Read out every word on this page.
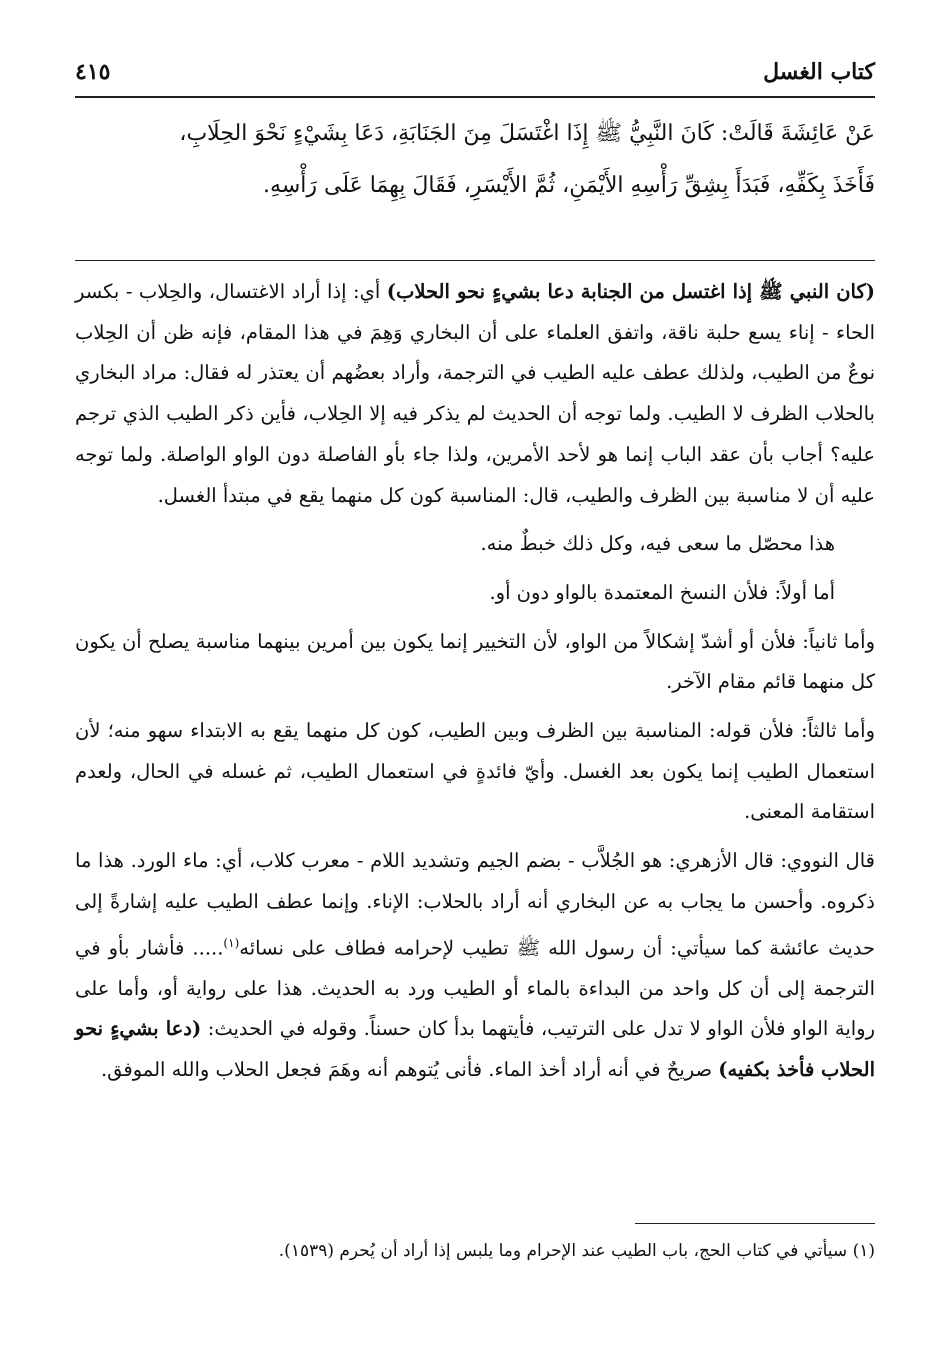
كتاب الغسل
٤١٥

عَنْ عَائِشَةَ قَالَتْ: كَانَ النَّبِيُّ ﷺ إِذَا اغْتَسَلَ مِنَ الجَنَابَةِ، دَعَا بِشَيْءٍ نَحْوَ الحِلَابِ،

فَأَخَذَ بِكَفِّهِ، فَبَدَأَ بِشِقِّ رَأْسِهِ الأَيْمَنِ، ثُمَّ الأَيْسَرِ، فَقَالَ بِهِمَا عَلَى رَأْسِهِ.

(كان النبي ﷺ إذا اغتسل من الجنابة دعا بشيءٍ نحو الحلاب) أي: إذا أراد الاغتسال، والحِلاب - بكسر الحاء - إناء يسع حلبة ناقة، واتفق العلماء على أن البخاري وَهِمَ في هذا المقام، فإنه ظن أن الحِلاب نوعٌ من الطيب، ولذلك عطف عليه الطيب في الترجمة، وأراد بعضُهم أن يعتذر له فقال: مراد البخاري بالحلاب الظرف لا الطيب. ولما توجه أن الحديث لم يذكر فيه إلا الحِلاب، فأين ذكر الطيب الذي ترجم عليه؟ أجاب بأن عقد الباب إنما هو لأحد الأمرين، ولذا جاء بأو الفاصلة دون الواو الواصلة. ولما توجه عليه أن لا مناسبة بين الظرف والطيب، قال: المناسبة كون كل منهما يقع في مبتدأ الغسل.

هذا محصّل ما سعى فيه، وكل ذلك خبطٌ منه.

أما أولاً: فلأن النسخ المعتمدة بالواو دون أو.

وأما ثانياً: فلأن أو أشدّ إشكالاً من الواو، لأن التخيير إنما يكون بين أمرين بينهما مناسبة يصلح أن يكون كل منهما قائم مقام الآخر.

وأما ثالثاً: فلأن قوله: المناسبة بين الظرف وبين الطيب، كون كل منهما يقع به الابتداء سهو منه؛ لأن استعمال الطيب إنما يكون بعد الغسل. وأيّ فائدةٍ في استعمال الطيب، ثم غسله في الحال، ولعدم استقامة المعنى.

قال النووي: قال الأزهري: هو الجُلاَّب - بضم الجيم وتشديد اللام - معرب كلاب، أي: ماء الورد. هذا ما ذكروه. وأحسن ما يجاب به عن البخاري أنه أراد بالحلاب: الإناء. وإنما عطف الطيب عليه إشارةً إلى حديث عائشة كما سيأتي: أن رسول الله ﷺ تطيب لإحرامه فطاف على نسائه$^{(١)}$..... فأشار بأو في الترجمة إلى أن كل واحد من البداءة بالماء أو الطيب ورد به الحديث. هذا على رواية أو، وأما على رواية الواو فلأن الواو لا تدل على الترتيب، فأيتهما بدأ كان حسناً. وقوله في الحديث: (دعا بشيءٍ نحو الحلاب فأخذ بكفيه) صريحٌ في أنه أراد أخذ الماء. فأنى يُتوهم أنه وهَمَ فجعل الحلاب والله الموفق.

(١) سيأتي في كتاب الحج، باب الطيب عند الإحرام وما يلبس إذا أراد أن يُحرم (١٥٣٩).
